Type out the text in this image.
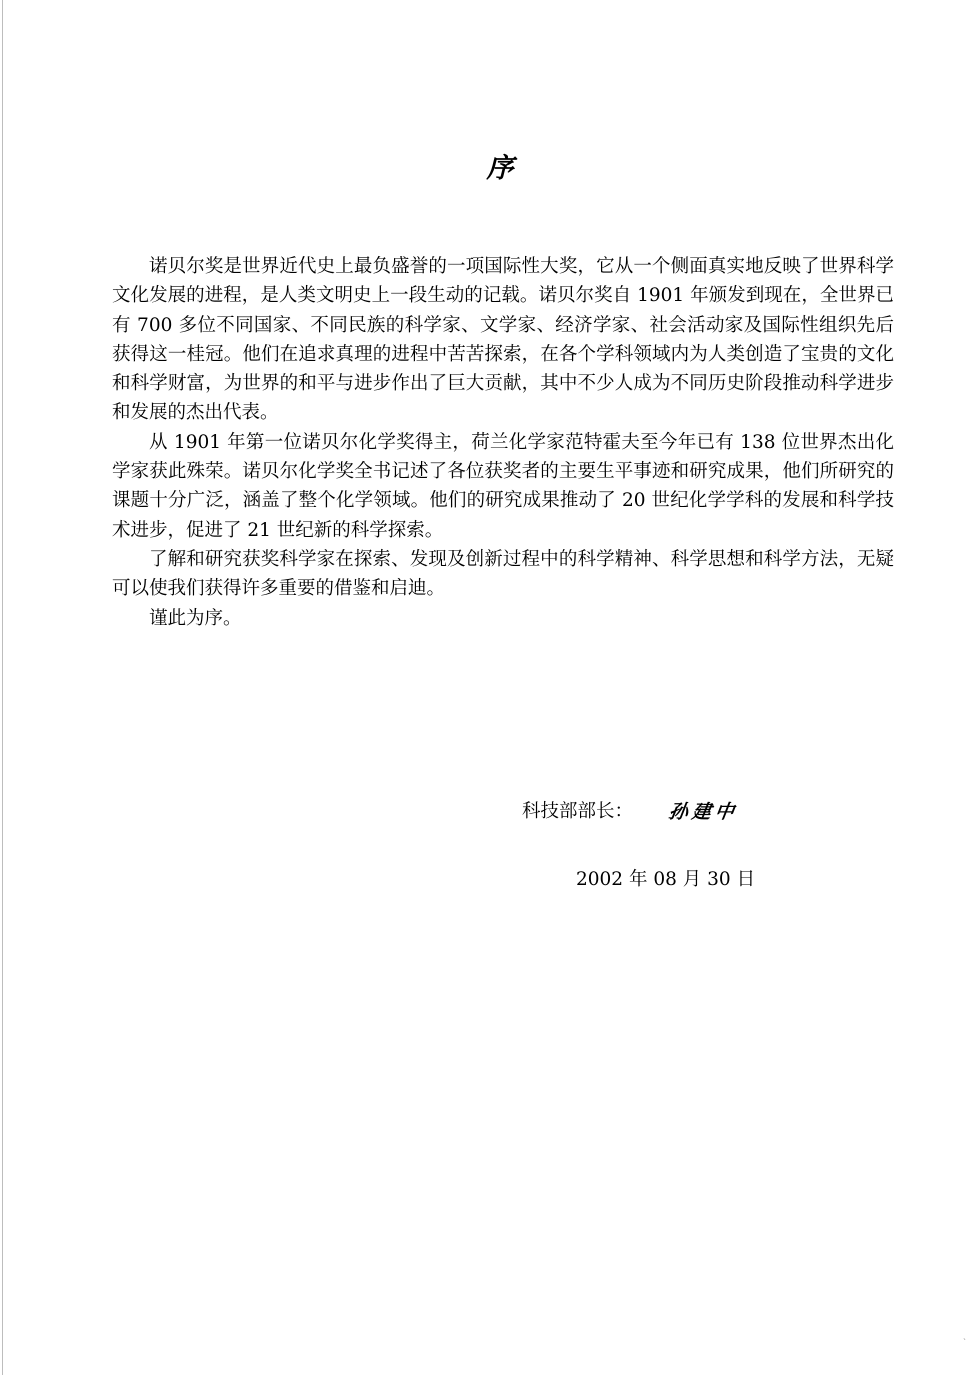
序

诺贝尔奖是世界近代史上最负盛誉的一项国际性大奖，它从一个侧面真实地反映了世界科学文化发展的进程，是人类文明史上一段生动的记载。诺贝尔奖自 1901 年颁发到现在，全世界已有 700 多位不同国家、不同民族的科学家、文学家、经济学家、社会活动家及国际性组织先后获得这一桂冠。他们在追求真理的进程中苦苦探索，在各个学科领域内为人类创造了宝贵的文化和科学财富，为世界的和平与进步作出了巨大贡献，其中不少人成为不同历史阶段推动科学进步和发展的杰出代表。

从 1901 年第一位诺贝尔化学奖得主，荷兰化学家范特霍夫至今年已有 138 位世界杰出化学家获此殊荣。诺贝尔化学奖全书记述了各位获奖者的主要生平事迹和研究成果，他们所研究的课题十分广泛，涵盖了整个化学领域。他们的研究成果推动了 20 世纪化学学科的发展和科学技术进步，促进了 21 世纪新的科学探索。

了解和研究获奖科学家在探索、发现及创新过程中的科学精神、科学思想和科学方法，无疑可以使我们获得许多重要的借鉴和启迪。

谨此为序。

科技部部长： 孙建中
2002 年 08 月 30 日
ˏ
